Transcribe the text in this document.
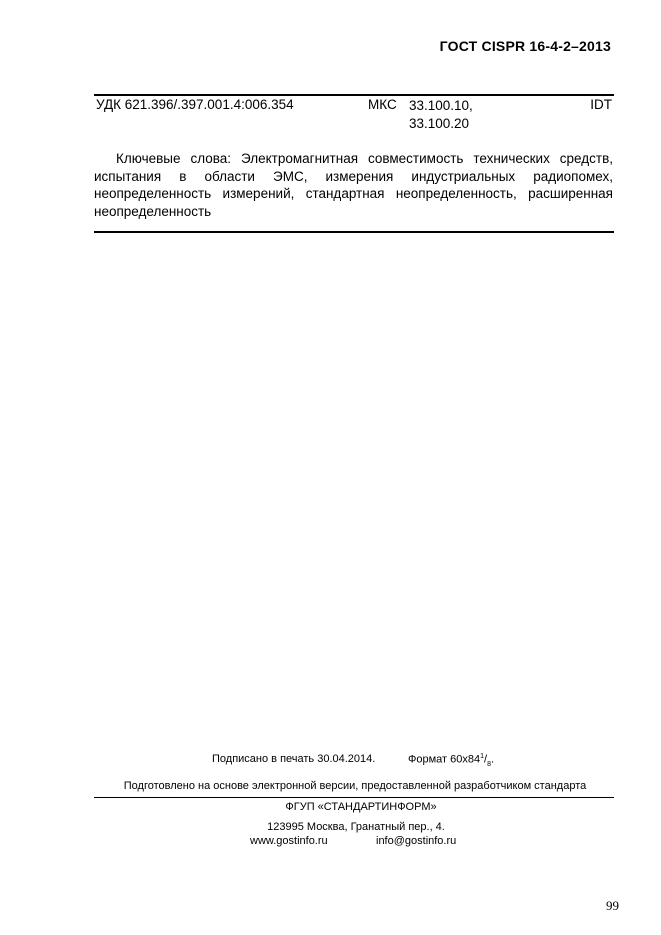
ГОСТ CISPR 16-4-2–2013
УДК 621.396/.397.001.4:006.354	МКС 33.100.10,
33.100.20
IDT
Ключевые слова: Электромагнитная совместимость технических средств, испытания в области ЭМС, измерения индустриальных радиопомех, неопределенность измерений, стандартная неопределенность, расширенная неопределенность
Подписано в печать 30.04.2014.	Формат $60x84^1/_8$.
Подготовлено на основе электронной версии, предоставленной разработчиком стандарта
ФГУП «СТАНДАРТИНФОРМ»
123995 Москва, Гранатный пер., 4.
www.gostinfo.ru	info@gostinfo.ru
99
